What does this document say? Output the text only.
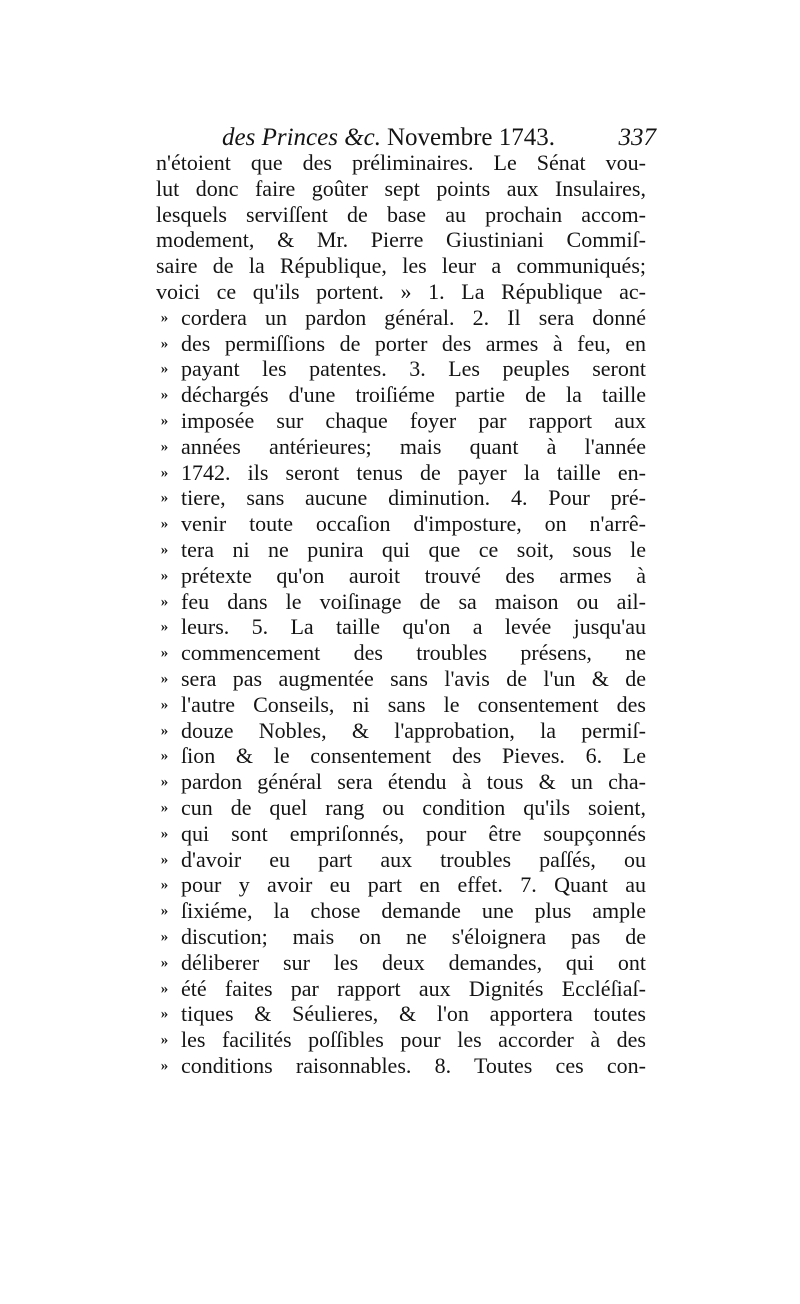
des Princes &c. Novembre 1743.	337
n'étoient que des préliminaires. Le Sénat vou-
lut donc faire goûter sept points aux Insulaires,
lesquels serviſſent de base au prochain accom-
modement, & Mr. Pierre Giustiniani Commiſ-
saire de la République, les leur a communiqués;
voici ce qu'ils portent. » 1. La République ac-
» cordera un pardon général. 2. Il sera donné
» des permiſſions de porter des armes à feu, en
» payant les patentes. 3. Les peuples seront
» déchargés d'une troiſiéme partie de la taille
» imposée sur chaque foyer par rapport aux
» années antérieures; mais quant à l'année
» 1742. ils seront tenus de payer la taille en-
» tiere, sans aucune diminution. 4. Pour pré-
» venir toute occaſion d'imposture, on n'arrê-
» tera ni ne punira qui que ce soit, sous le
» prétexte qu'on auroit trouvé des armes à
» feu dans le voiſinage de sa maison ou ail-
» leurs. 5. La taille qu'on a levée jusqu'au
» commencement des troubles présens, ne
» sera pas augmentée sans l'avis de l'un & de
» l'autre Conseils, ni sans le consentement des
» douze Nobles, & l'approbation, la permiſ-
» ſion & le consentement des Pieves. 6. Le
» pardon général sera étendu à tous & un cha-
» cun de quel rang ou condition qu'ils soient,
» qui sont empriſonnés, pour être soupçonnés
» d'avoir eu part aux troubles paſſés, ou
» pour y avoir eu part en effet. 7. Quant au
» ſixiéme, la chose demande une plus ample
» discution; mais on ne s'éloignera pas de
» déliberer sur les deux demandes, qui ont
» été faites par rapport aux Dignités Eccléſiaſ-
» tiques & Séulieres, & l'on apportera toutes
» les facilités poſſibles pour les accorder à des
» conditions raisonnables. 8. Toutes ces con-
